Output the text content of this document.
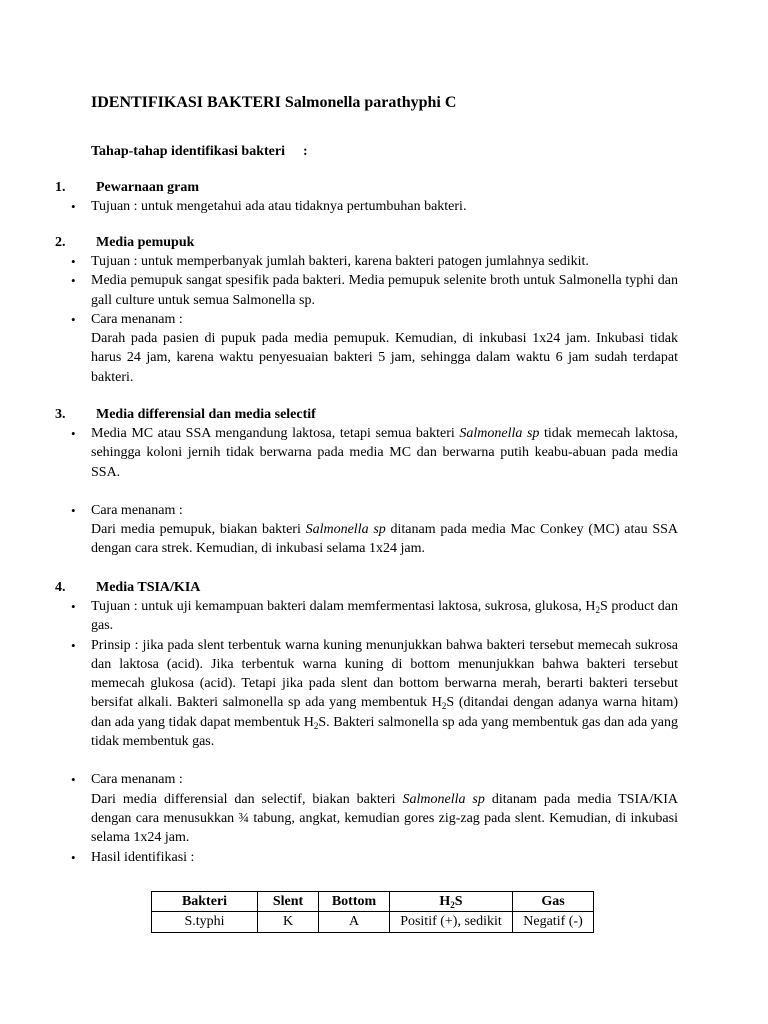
IDENTIFIKASI BAKTERI Salmonella parathyphi C
Tahap-tahap identifikasi bakteri :
1. Pewarnaan gram
• Tujuan : untuk mengetahui ada atau tidaknya pertumbuhan bakteri.
2. Media pemupuk
• Tujuan : untuk memperbanyak jumlah bakteri, karena bakteri patogen jumlahnya sedikit.
• Media pemupuk sangat spesifik pada bakteri. Media pemupuk selenite broth untuk Salmonella typhi dan gall culture untuk semua Salmonella sp.
• Cara menanam :
Darah pada pasien di pupuk pada media pemupuk. Kemudian, di inkubasi 1x24 jam. Inkubasi tidak harus 24 jam, karena waktu penyesuaian bakteri 5 jam, sehingga dalam waktu 6 jam sudah terdapat bakteri.
3. Media differensial dan media selectif
• Media MC atau SSA mengandung laktosa, tetapi semua bakteri Salmonella sp tidak memecah laktosa, sehingga koloni jernih tidak berwarna pada media MC dan berwarna putih keabu-abuan pada media SSA.
• Cara menanam :
Dari media pemupuk, biakan bakteri Salmonella sp ditanam pada media Mac Conkey (MC) atau SSA dengan cara strek. Kemudian, di inkubasi selama 1x24 jam.
4. Media TSIA/KIA
• Tujuan : untuk uji kemampuan bakteri dalam memfermentasi laktosa, sukrosa, glukosa, $H_2S$ product dan gas.
• Prinsip : jika pada slent terbentuk warna kuning menunjukkan bahwa bakteri tersebut memecah sukrosa dan laktosa (acid). Jika terbentuk warna kuning di bottom menunjukkan bahwa bakteri tersebut memecah glukosa (acid). Tetapi jika pada slent dan bottom berwarna merah, berarti bakteri tersebut bersifat alkali. Bakteri salmonella sp ada yang membentuk $H_2S$ (ditandai dengan adanya warna hitam) dan ada yang tidak dapat membentuk $H_2S$. Bakteri salmonella sp ada yang membentuk gas dan ada yang tidak membentuk gas.
• Cara menanam :
Dari media differensial dan selectif, biakan bakteri Salmonella sp ditanam pada media TSIA/KIA dengan cara menusukkan ¾ tabung, angkat, kemudian gores zig-zag pada slent. Kemudian, di inkubasi selama 1x24 jam.
• Hasil identifikasi :
Bakteri	Slent	Bottom	$H_2S$	Gas
S.typhi	K	A	Positif (+), sedikit	Negatif (-)
